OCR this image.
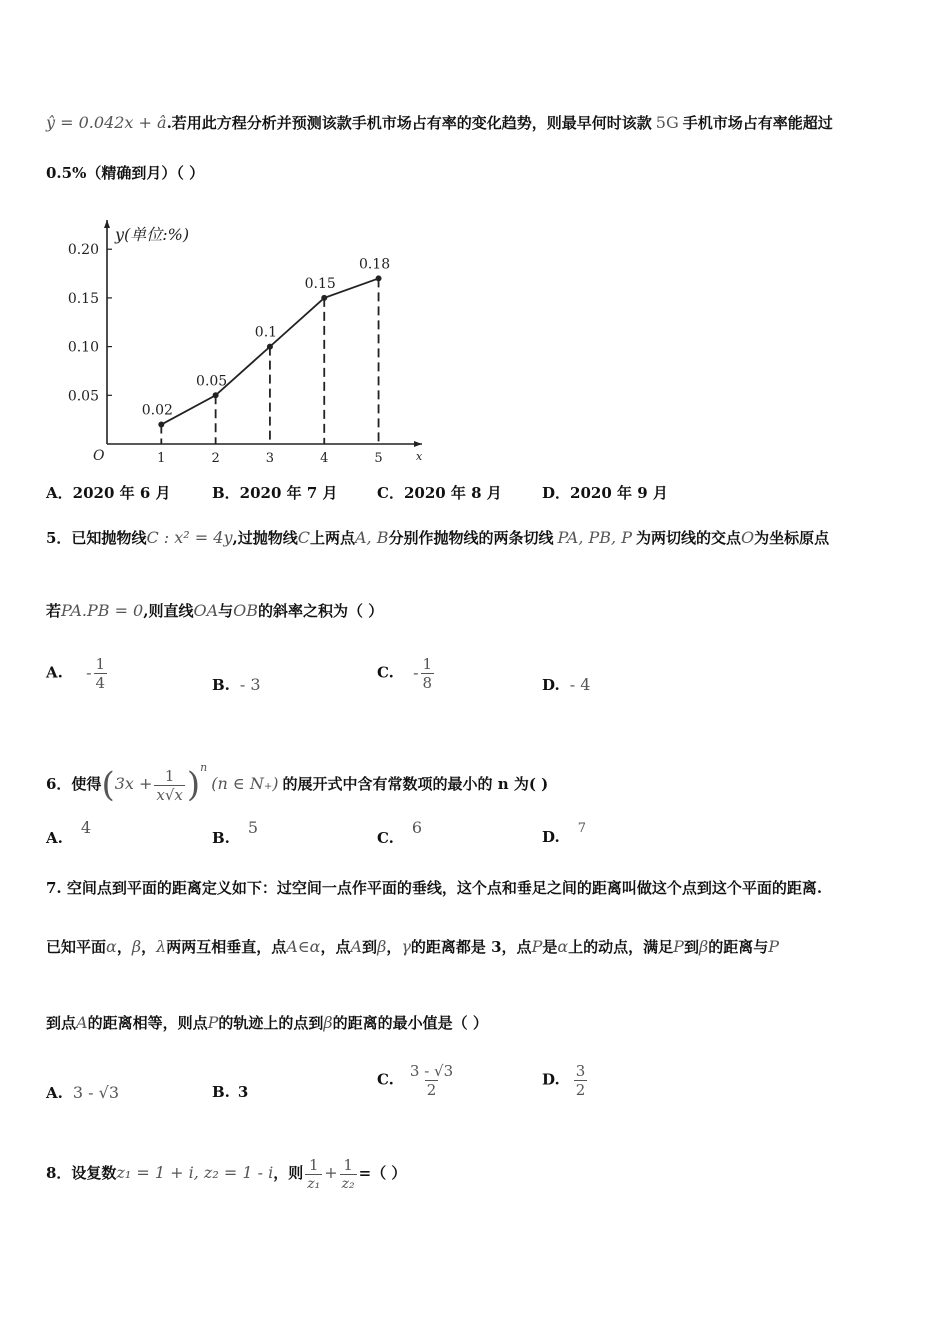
ŷ = 0.042x + â.若用此方程分析并预测该款手机市场占有率的变化趋势，则最早何时该款 5G 手机市场占有率能超过
0.5%（精确到月）（ ）
y(单位:%)
x
O
0.05
0.10
0.15
0.20
1	2	3	4	5
0.02
0.05
0.1
0.15
0.18
A．2020 年 6 月	B．2020 年 7 月	C．2020 年 8 月	D．2020 年 9 月
5．已知抛物线C : x² = 4y,过抛物线C上两点A, B分别作抛物线的两条切线 PA, PB, P 为两切线的交点O为坐标原点
若PA.PB = 0,则直线OA与OB的斜率之积为（ ）
A. - $\frac{1}{4}$	B. - 3
C. - $\frac{1}{8}$	D. - 4
6．使得$(3x + \frac{1}{x√x} )^n(n$ ∈ N₊) 的展开式中含有常数项的最小的 n 为( )
A.4
B.5
C.6	D. 7
7. 空间点到平面的距离定义如下：过空间一点作平面的垂线，这个点和垂足之间的距离叫做这个点到这个平面的距离.
已知平面α，β，λ两两互相垂直，点A∈α，点A到β，γ的距离都是 3，点P是α上的动点，满足P到β的距离与P
到点A的距离相等，则点P的轨迹上的点到β的距离的最小值是（ ）
A. 3 - √3	B. 3
C. $\frac{3 - √3}{2}$	D. $\frac{3}{2}$
8．设复数z₁ = 1 + i, z₂ = 1 - i，则 $\frac{1}{\text{z₁}} + \frac{1}{\text{z₂}}$ =（ ）
